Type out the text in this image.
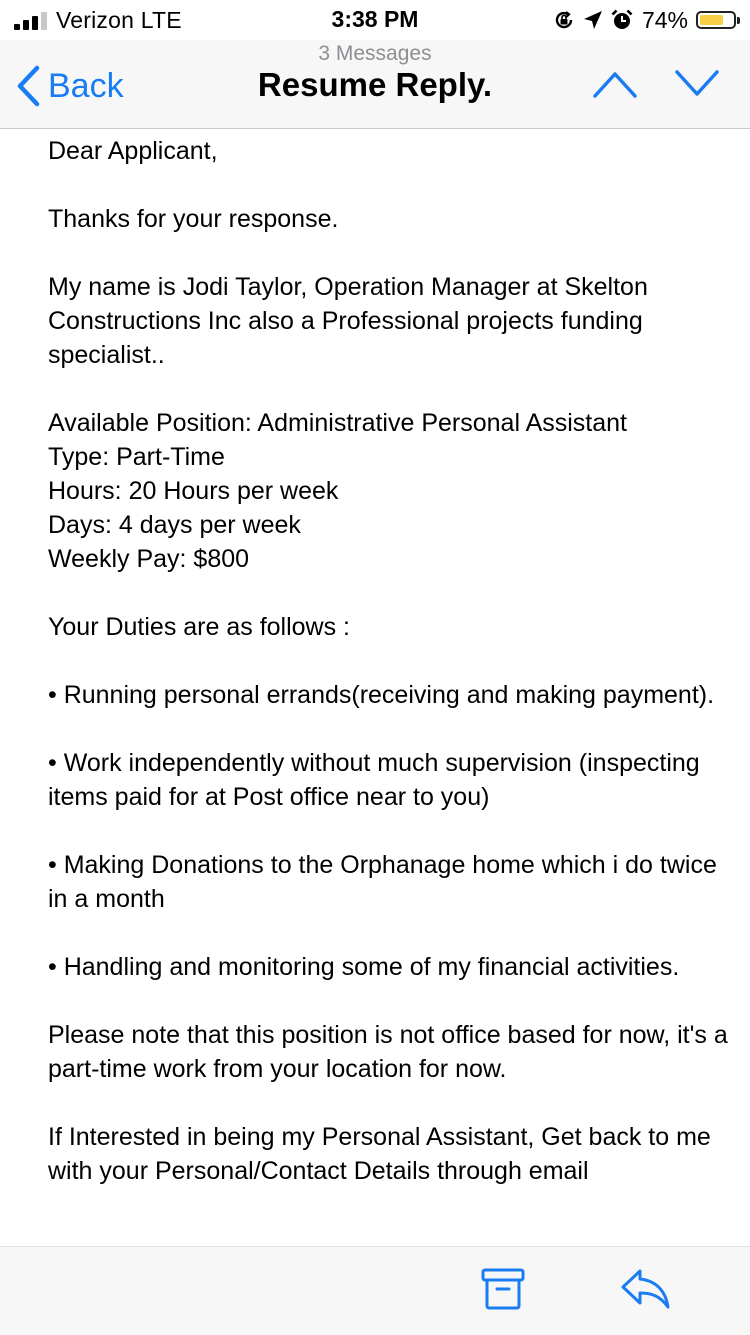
Verizon LTE	3:38 PM	74%
Back
3 Messages
Resume Reply.

Dear Applicant,

Thanks for your response.

My name is Jodi Taylor, Operation Manager at Skelton Constructions Inc also a Professional projects funding specialist..

Available Position: Administrative Personal Assistant

Type: Part-Time

Hours: 20 Hours per week

Days: 4 days per week

Weekly Pay: $800

Your Duties are as follows :

• Running personal errands(receiving and making payment).

• Work independently without much supervision (inspecting items paid for at Post office near to you)

• Making Donations to the Orphanage home which i do twice in a month

• Handling and monitoring some of my financial activities.

Please note that this position is not office based for now, it's a part-time work from your location for now.

If Interested in being my Personal Assistant, Get back to me with your Personal/Contact Details through email
